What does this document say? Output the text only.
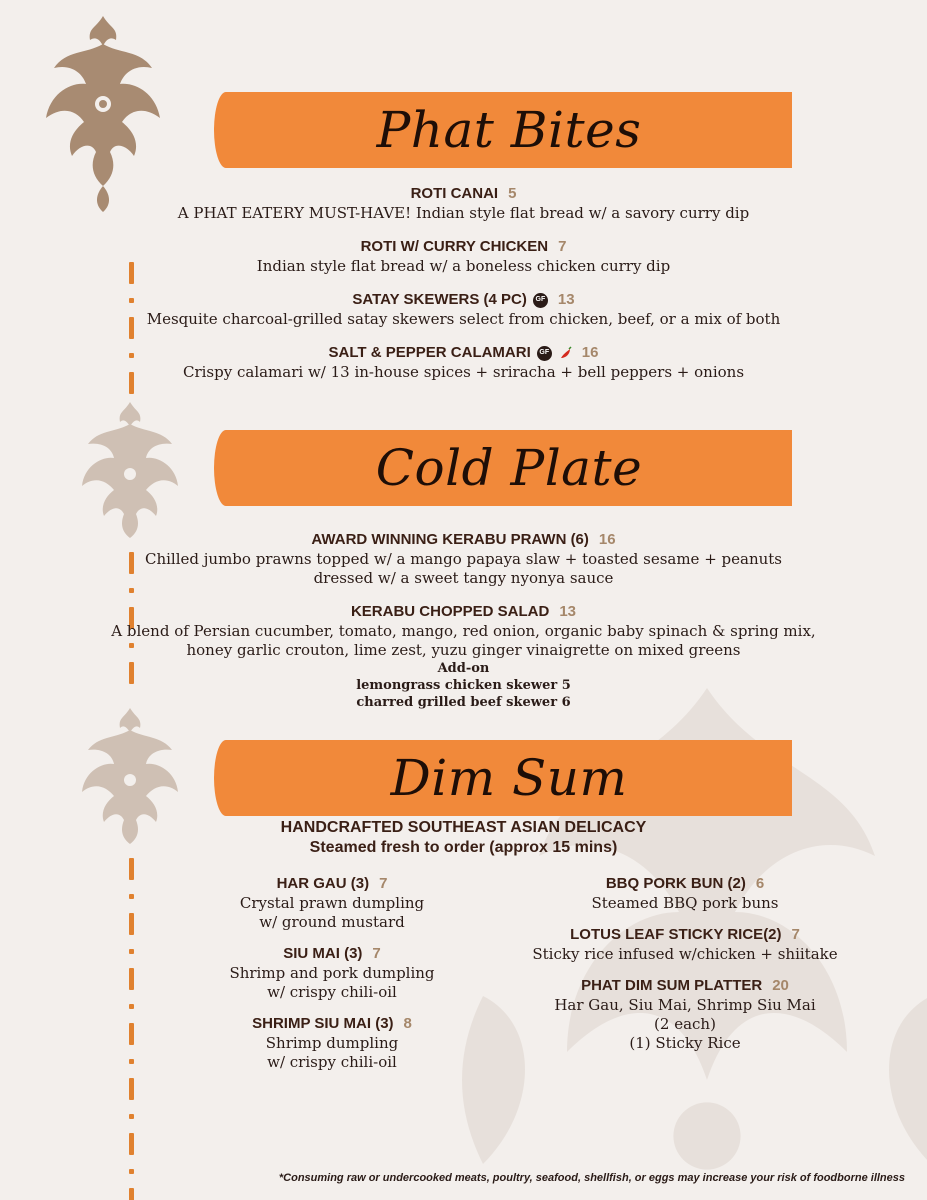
Phat Bites
ROTI CANAI 5
A PHAT EATERY MUST-HAVE! Indian style flat bread w/ a savory curry dip
ROTI W/ CURRY CHICKEN 7
Indian style flat bread w/ a boneless chicken curry dip
SATAY SKEWERS (4 PC)	GF 13
Mesquite charcoal-grilled satay skewers select from chicken, beef, or a mix of both
SALT & PEPPER CALAMARI	GF 16
Crispy calamari w/ 13 in-house spices + sriracha + bell peppers + onions
Cold Plate
AWARD WINNING KERABU PRAWN (6) 16
Chilled jumbo prawns topped w/ a mango papaya slaw + toasted sesame + peanuts
dressed w/ a sweet tangy nyonya sauce
KERABU CHOPPED SALAD 13
A blend of Persian cucumber, tomato, mango, red onion, organic baby spinach & spring mix,
honey garlic crouton, lime zest, yuzu ginger vinaigrette on mixed greens
Add-on
lemongrass chicken skewer 5
charred grilled beef skewer 6
Dim Sum
HANDCRAFTED SOUTHEAST ASIAN DELICACY
Steamed fresh to order (approx 15 mins)
HAR GAU (3) 7
Crystal prawn dumpling
w/ ground mustard
SIU MAI (3) 7
Shrimp and pork dumpling
w/ crispy chili-oil
SHRIMP SIU MAI (3) 8
Shrimp dumpling
w/ crispy chili-oil
BBQ PORK BUN (2) 6
Steamed BBQ pork buns
LOTUS LEAF STICKY RICE(2) 7
Sticky rice infused w/chicken + shiitake
PHAT DIM SUM PLATTER 20
Har Gau, Siu Mai, Shrimp Siu Mai
(2 each)
(1) Sticky Rice
*Consuming raw or undercooked meats, poultry, seafood, shellfish, or eggs may increase your risk of foodborne illness
